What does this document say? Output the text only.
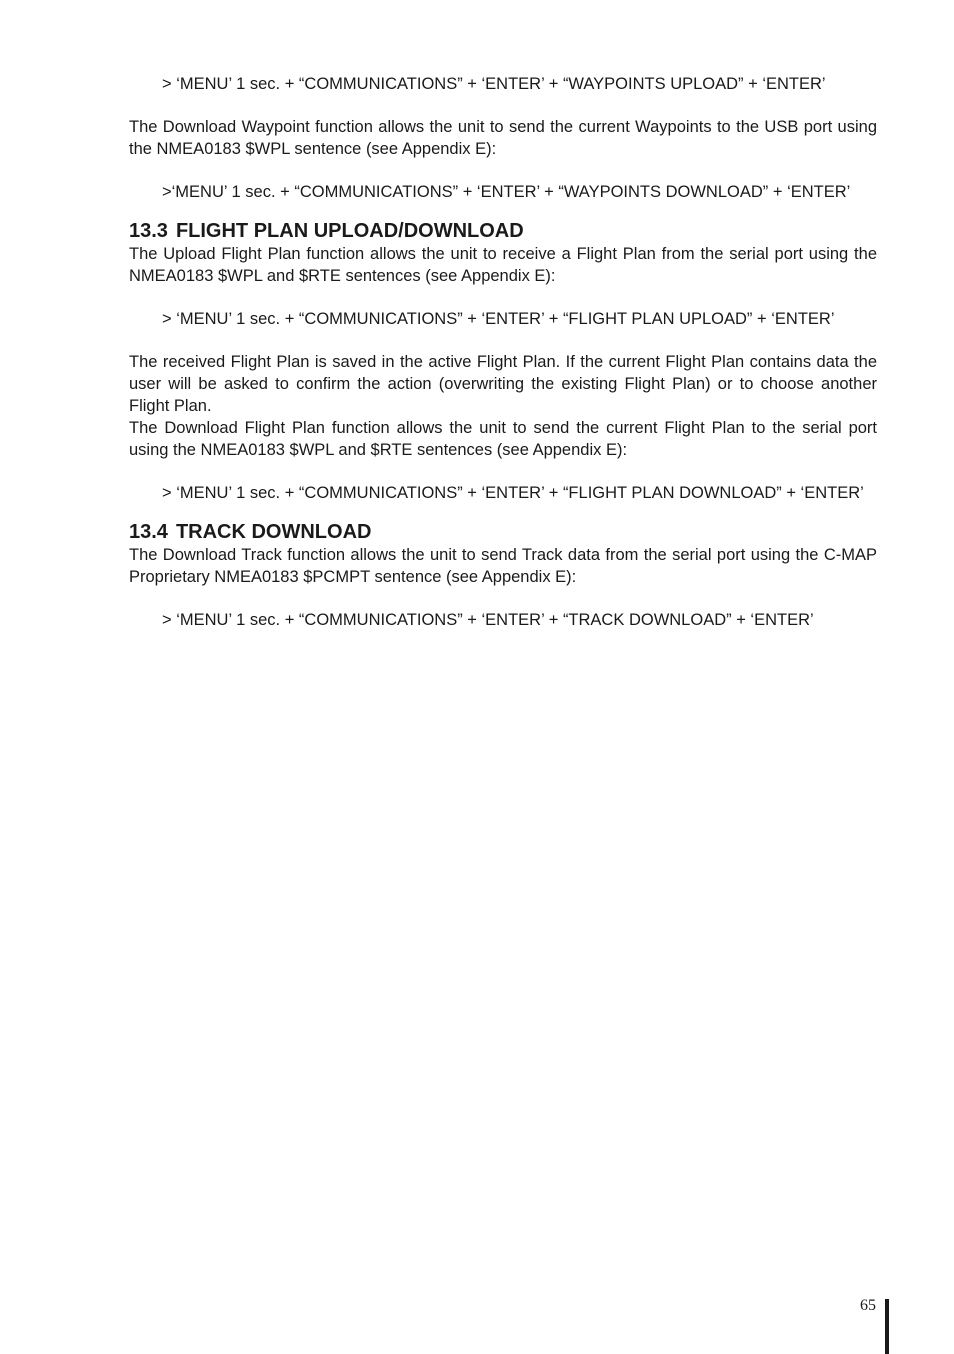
> ‘MENU’ 1 sec. + “COMMUNICATIONS” + ‘ENTER’ + “WAYPOINTS UPLOAD” + ‘ENTER’

The Download Waypoint function allows the unit to send the current Waypoints to the USB port using the NMEA0183 $WPL sentence (see Appendix E):

>‘MENU’ 1 sec. + “COMMUNICATIONS” + ‘ENTER’ + “WAYPOINTS DOWNLOAD” + ‘ENTER’

13.3 FLIGHT PLAN UPLOAD/DOWNLOAD

The Upload Flight Plan function allows the unit to receive a Flight Plan from the serial port using the NMEA0183 $WPL and $RTE sentences (see Appendix E):

> ‘MENU’ 1 sec. + “COMMUNICATIONS” + ‘ENTER’ + “FLIGHT PLAN UPLOAD” + ‘ENTER’

The received Flight Plan is saved in the active Flight Plan. If the current Flight Plan contains data the user will be asked to confirm the action (overwriting the existing Flight Plan) or to choose another Flight Plan.

The Download Flight Plan function allows the unit to send the current Flight Plan to the serial port using the NMEA0183 $WPL and $RTE sentences (see Appendix E):

> ‘MENU’ 1 sec. + “COMMUNICATIONS” + ‘ENTER’ + “FLIGHT PLAN DOWNLOAD” + ‘ENTER’

13.4 TRACK DOWNLOAD

The Download Track function allows the unit to send Track data from the serial port using the C-MAP Proprietary NMEA0183 $PCMPT sentence (see Appendix E):

> ‘MENU’ 1 sec. + “COMMUNICATIONS” + ‘ENTER’ + “TRACK DOWNLOAD” + ‘ENTER’

65
